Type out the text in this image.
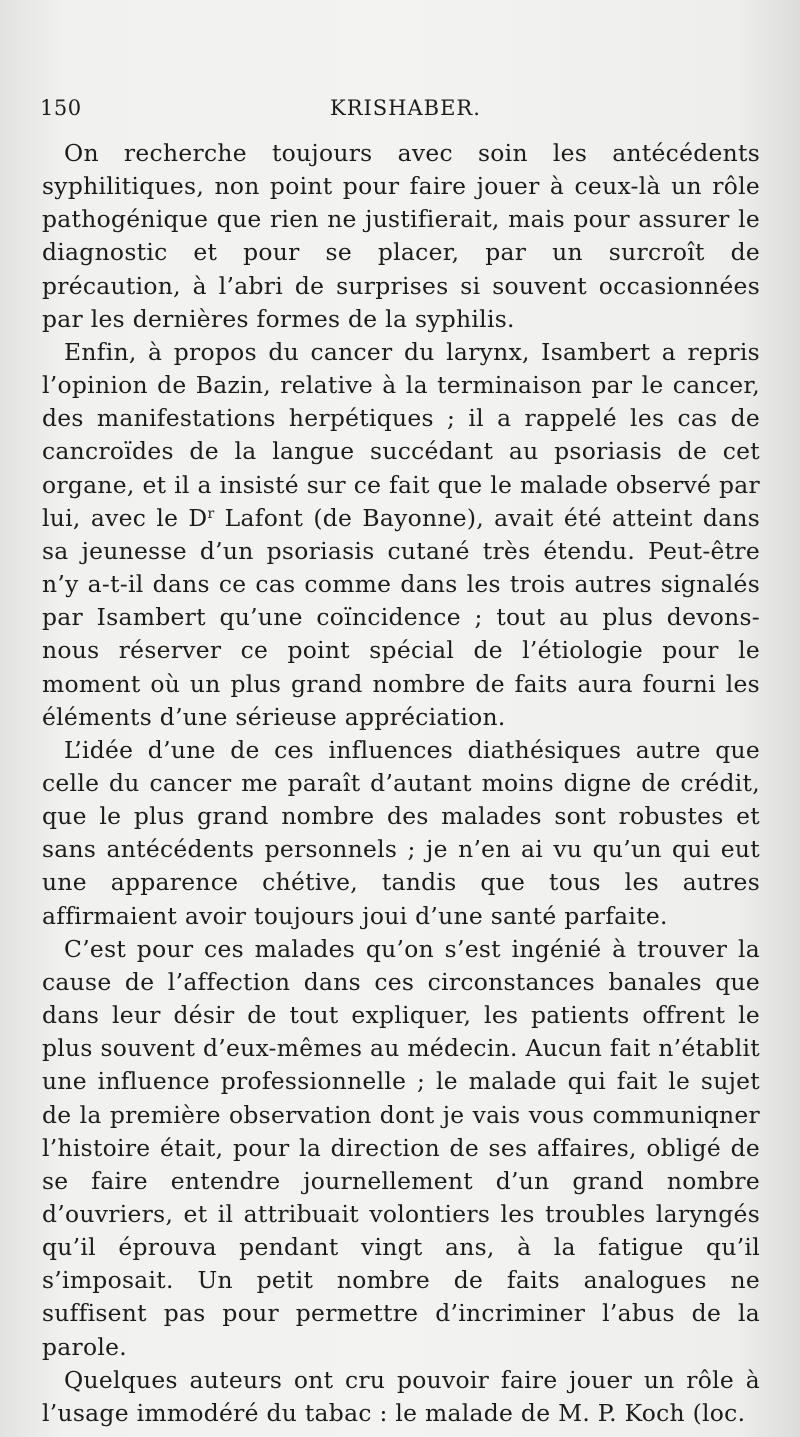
150	KRISHABER.

On recherche toujours avec soin les antécédents syphilitiques, non point pour faire jouer à ceux-là un rôle pathogénique que rien ne justifierait, mais pour assurer le diagnostic et pour se placer, par un surcroît de précaution, à l’abri de surprises si souvent occasionnées par les dernières formes de la syphilis.

Enfin, à propos du cancer du larynx, Isambert a repris l’opinion de Bazin, relative à la terminaison par le cancer, des manifestations herpétiques ; il a rappelé les cas de cancroïdes de la langue succédant au psoriasis de cet organe, et il a insisté sur ce fait que le malade observé par lui, avec le $D^r$ Lafont (de Bayonne), avait été atteint dans sa jeunesse d’un psoriasis cutané très étendu. Peut-être n’y a-t-il dans ce cas comme dans les trois autres signalés par Isambert qu’une coïncidence ; tout au plus devons-nous réserver ce point spécial de l’étiologie pour le moment où un plus grand nombre de faits aura fourni les éléments d’une sérieuse appréciation.

L’idée d’une de ces influences diathésiques autre que celle du cancer me paraît d’autant moins digne de crédit, que le plus grand nombre des malades sont robustes et sans antécédents personnels ; je n’en ai vu qu’un qui eut une apparence chétive, tandis que tous les autres affirmaient avoir toujours joui d’une santé parfaite.

C’est pour ces malades qu’on s’est ingénié à trouver la cause de l’affection dans ces circonstances banales que dans leur désir de tout expliquer, les patients offrent le plus souvent d’eux-mêmes au médecin. Aucun fait n’établit une influence professionnelle ; le malade qui fait le sujet de la première observation dont je vais vous communiqner l’histoire était, pour la direction de ses affaires, obligé de se faire entendre journellement d’un grand nombre d’ouvriers, et il attribuait volontiers les troubles laryngés qu’il éprouva pendant vingt ans, à la fatigue qu’il s’imposait. Un petit nombre de faits analogues ne suffisent pas pour permettre d’incriminer l’abus de la parole.

Quelques auteurs ont cru pouvoir faire jouer un rôle à l’usage immodéré du tabac : le malade de M. P. Koch (loc.
